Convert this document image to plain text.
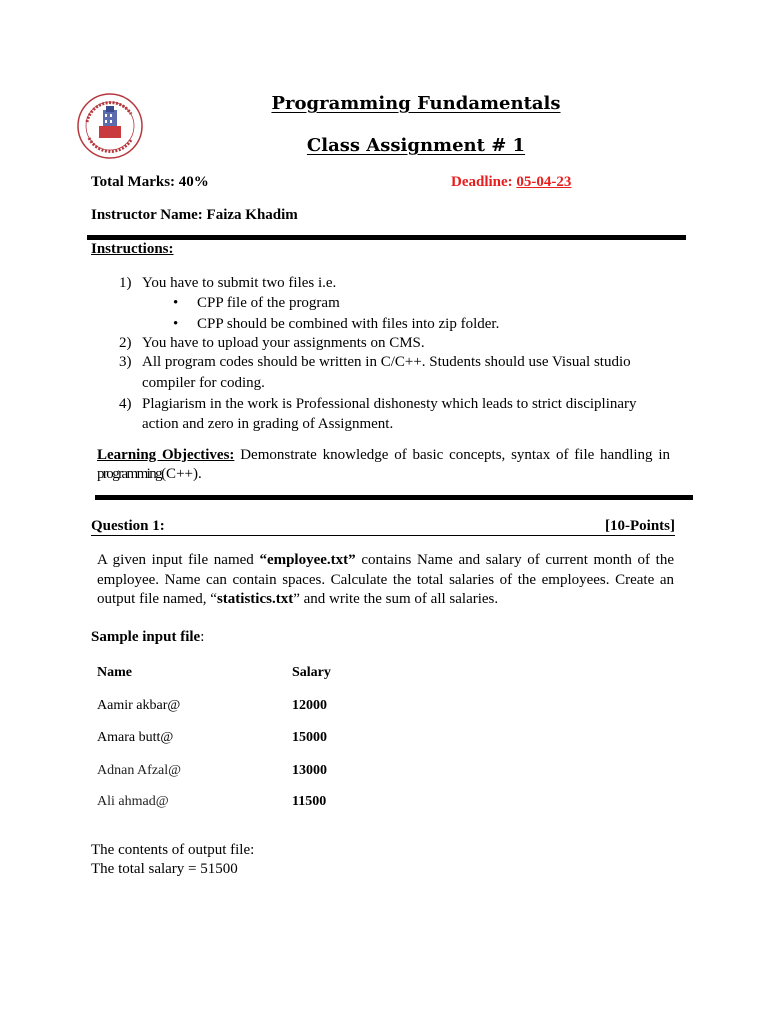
Programming Fundamentals
Class Assignment # 1
Total Marks: 40%	Deadline: 05-04-23
Instructor Name: Faiza Khadim
Instructions:
1) You have to submit two files i.e.
• CPP file of the program
• CPP should be combined with files into zip folder.
2) You have to upload your assignments on CMS.
3) All program codes should be written in C/C++. Students should use Visual studio
compiler for coding.
4) Plagiarism in the work is Professional dishonesty which leads to strict disciplinary
action and zero in grading of Assignment.
Learning Objectives: Demonstrate knowledge of basic concepts, syntax of file handling in
programming(C++).
Question 1:	[10-Points]
A given input file named “employee.txt” contains Name and salary of current month of the employee. Name can contain spaces. Calculate the total salaries of the employees. Create an output file named, “statistics.txt” and write the sum of all salaries.
Sample input file:
Name	Salary
Aamir akbar@	12000
Amara butt@	15000
Adnan Afzal@	13000
Ali ahmad@	11500
The contents of output file:
The total salary = 51500
